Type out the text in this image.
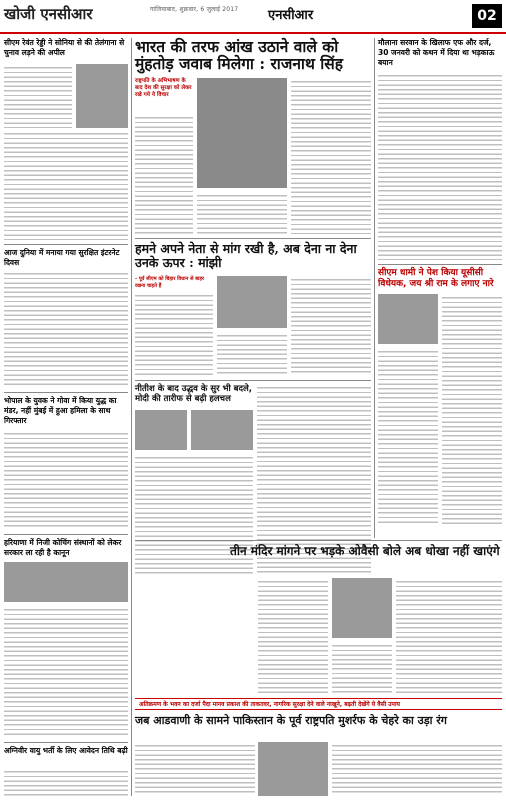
खोजी एनसीआर	गाजियाबाद, शुक्रवार, 6 जुलाई 2017 एनसीआर	02
सीएम रेवंत रेड्डी ने सोनिया से की तेलंगाना से चुनाव लड़ने की अपील
आज दुनिया में मनाया गया सुरक्षित इंटरनेट दिवस
भोपाल के युवक ने गोवा में किया युद्ध का मंडर, नहीं मुंबई में हुआ हमिला के साथ गिरफ्तार
हरियाणा में निजी कोचिंग संस्थानों को लेकर सरकार ला रही है कानून
अग्निवीर वायु भर्ती के लिए आवेदन तिथि बढ़ी
भारत की तरफ आंख उठाने वाले को मुंहतोड़ जवाब मिलेगा : राजनाथ सिंह
राष्ट्रपति के अभिभाषण के बाद देश की सुरक्षा को लेकर रखे गये ये विचार
हमने अपने नेता से मांग रखी है, अब देना ना देना उनके ऊपर : मांझी
- पूर्व सीएम को बिहार विधान से बाहर रखना चाहते हैं
नीतीश के बाद उद्धव के सुर भी बदले, मोदी की तारीफ से बढ़ी हलचल
मौलाना सरवान के खिलाफ एफ और दर्ज, 30 जनवरी को कथन में दिया था भड़काऊ बयान
सीएम धामी ने पेश किया यूसीसी विधेयक, जय श्री राम के लगाए नारे
तीन मंदिर मांगने पर भड़के ओवैसी बोले अब धोखा नहीं खाएंगे
अतिक्रमण के भवन का दर्जा पैदा मानव प्रकाश की ताकतवर, नागरिक सुरक्षा देने वाले नाखूने, बढ़ती देखेंगे ये वैसी उपाय
जब आडवाणी के सामने पाकिस्तान के पूर्व राष्ट्रपति मुशर्रफ के चेहरे का उड़ा रंग
